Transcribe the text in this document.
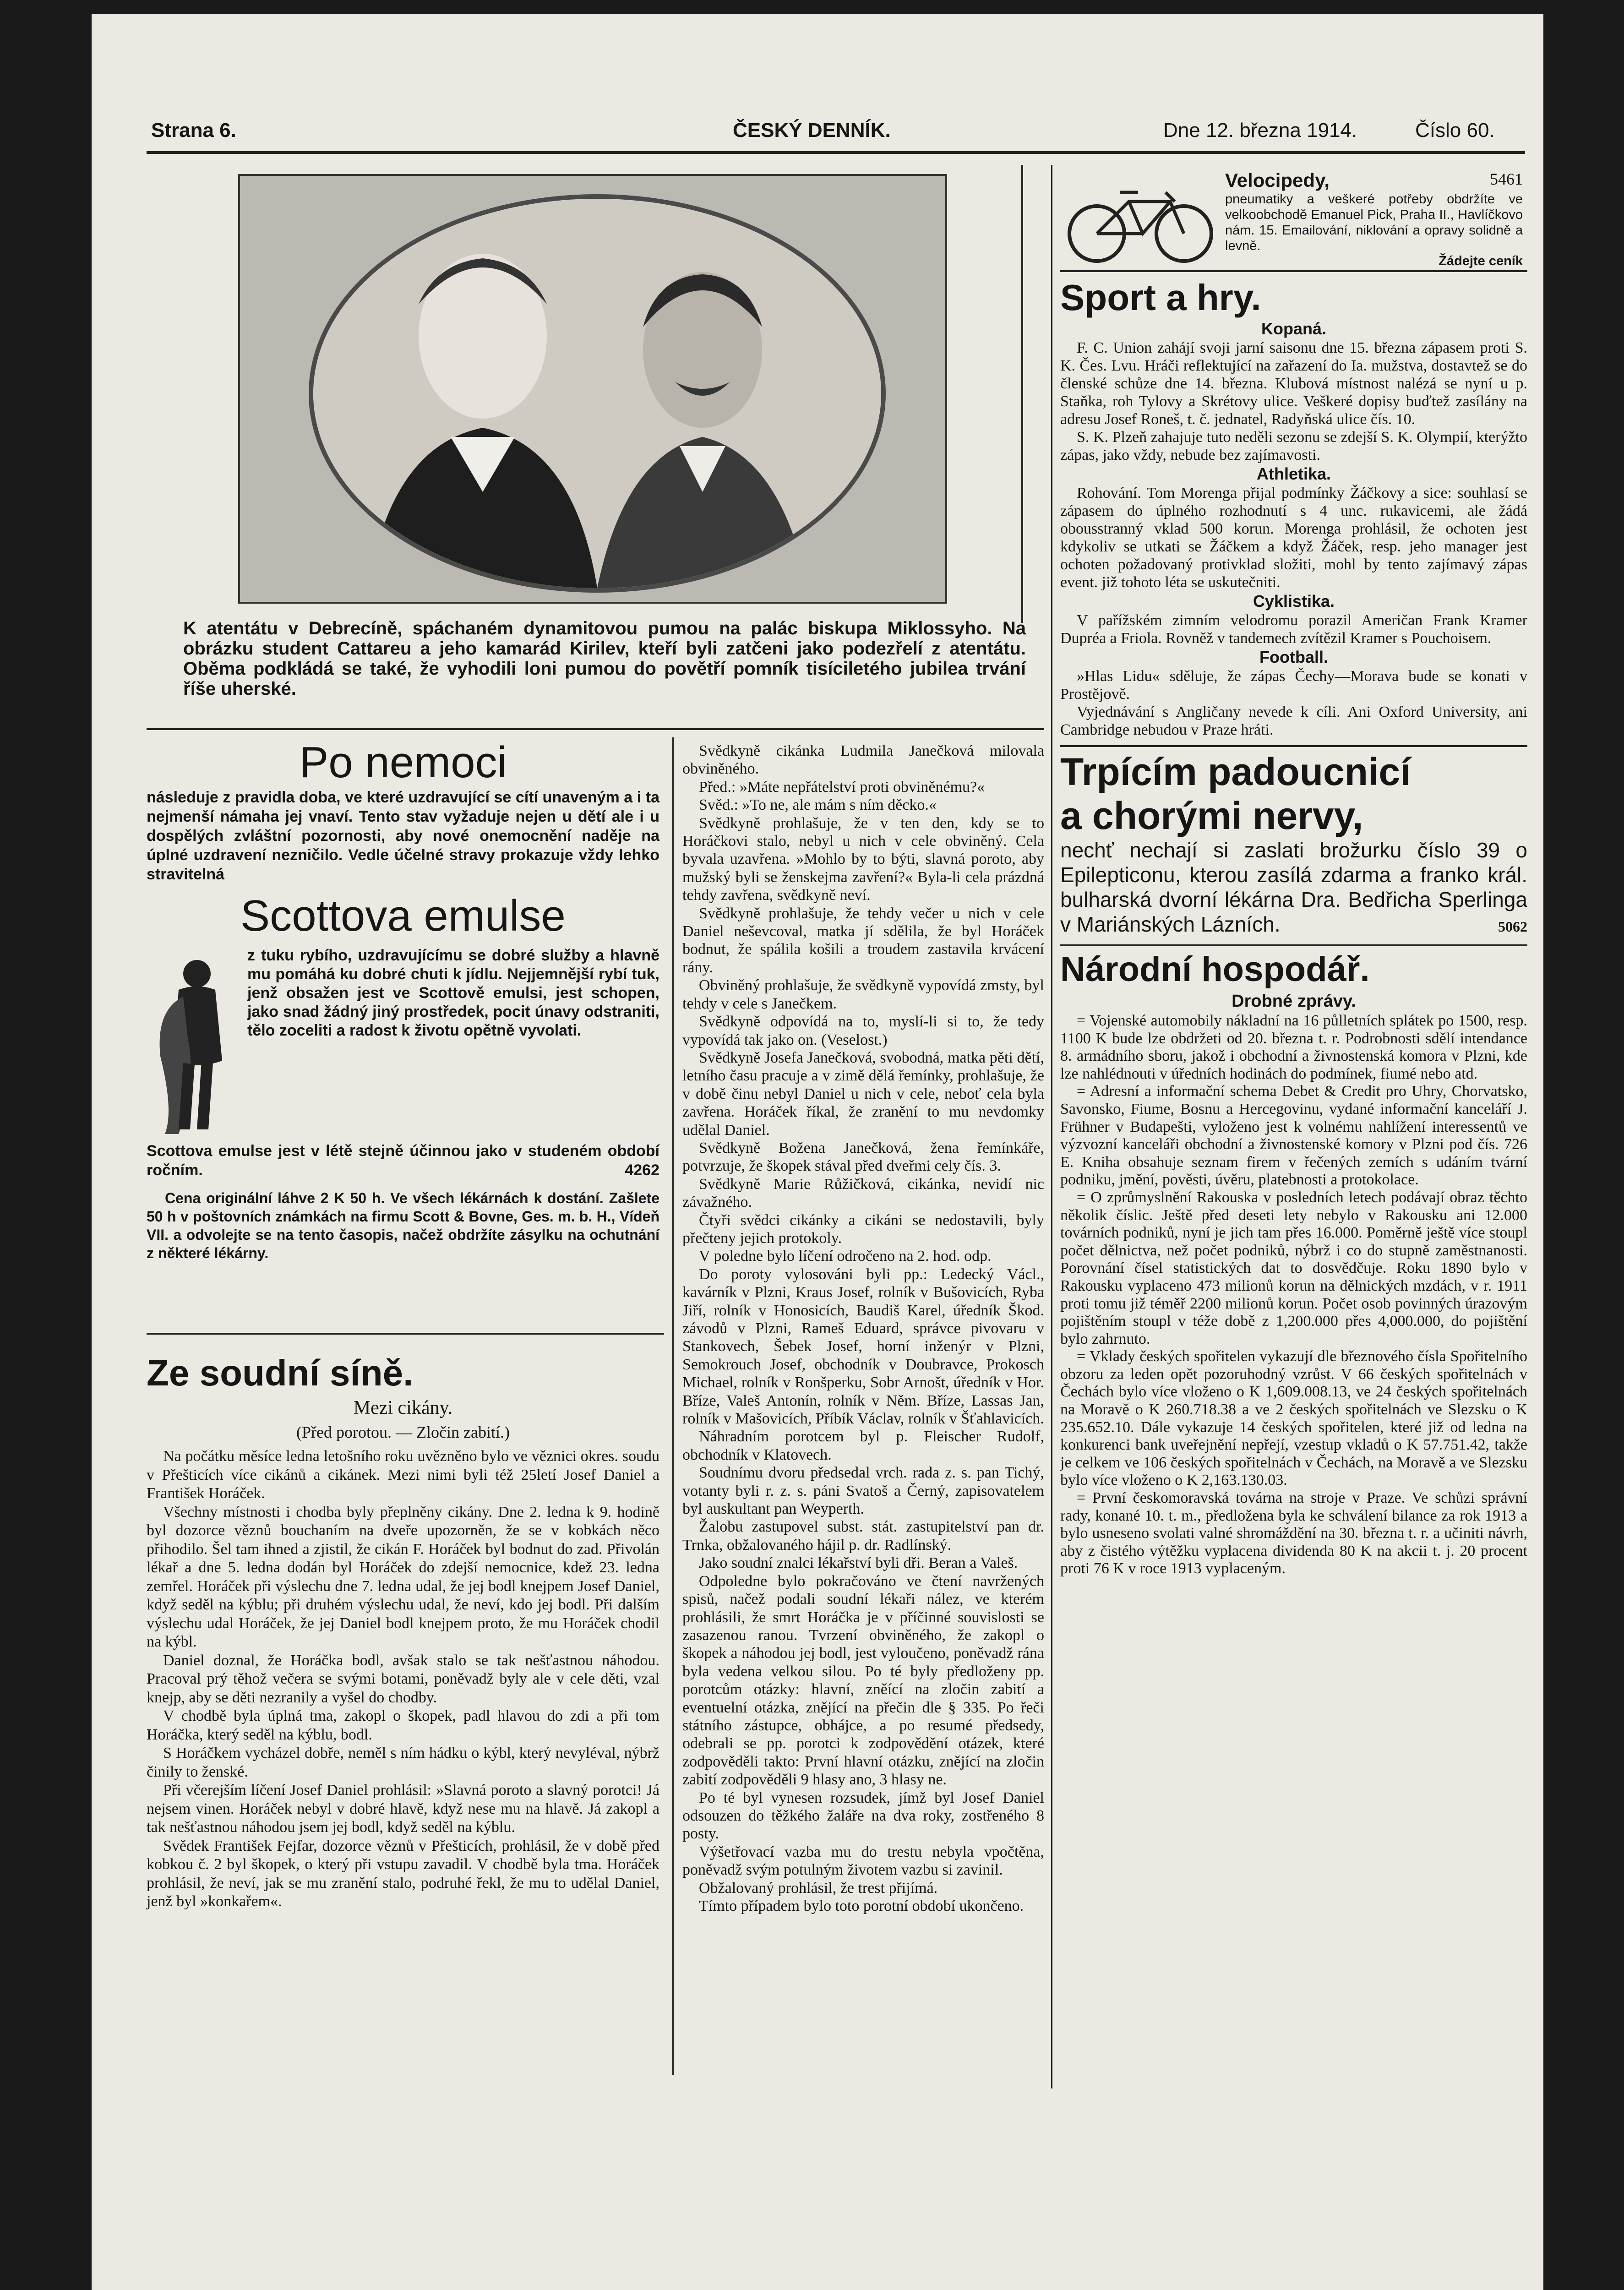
Strana 6.	ČESKÝ DENNÍK.	Dne 12. března 1914.	Číslo 60.
K atentátu v Debrecíně, spáchaném dynamitovou pumou na palác biskupa Miklossyho. Na obrázku student Cattareu a jeho kamarád Kirilev, kteří byli zatčeni jako podezřelí z atentátu. Oběma podkládá se také, že vyhodili loni pumou do povětří pomník tisíciletého jubilea trvání říše uherské.
Po nemoci
následuje z pravidla doba, ve které uzdravující se cítí unaveným a i ta nejmenší námaha jej vnaví. Tento stav vyžaduje nejen u dětí ale i u dospělých zvláštní pozornosti, aby nové onemocnění naděje na úplné uzdravení nezničilo. Vedle účelné stravy prokazuje vždy lehko stravitelná
Scottova emulse
z tuku rybího, uzdravujícímu se dobré služby a hlavně mu pomáhá ku dobré chuti k jídlu. Nejjemnější rybí tuk, jenž obsažen jest ve Scottově emulsi, jest schopen, jako snad žádný jiný prostředek, pocit únavy odstraniti, tělo zoceliti a radost k životu opětně vyvolati.
Scottova emulse jest v létě stejně účinnou jako v studeném období ročním.	4262
Cena originální láhve 2 K 50 h. Ve všech lékárnách k dostání. Zašlete 50 h v poštovních známkách na firmu Scott & Bovne, Ges. m. b. H., Vídeň VII. a odvolejte se na tento časopis, načež obdržíte zásylku na ochutnání z některé lékárny.
Ze soudní síně.
Mezi cikány.
(Před porotou. — Zločin zabití.)

Na počátku měsíce ledna letošního roku uvězněno bylo ve věznici okres. soudu v Přešticích více cikánů a cikánek. Mezi nimi byli též 25letí Josef Daniel a František Horáček.

Všechny místnosti i chodba byly přeplněny cikány. Dne 2. ledna k 9. hodině byl dozorce věznů bouchaním na dveře upozorněn, že se v kobkách něco přihodilo. Šel tam ihned a zjistil, že cikán F. Horáček byl bodnut do zad. Přivolán lékař a dne 5. ledna dodán byl Horáček do zdejší nemocnice, kdež 23. ledna zemřel. Horáček při výslechu dne 7. ledna udal, že jej bodl knejpem Josef Daniel, když seděl na kýblu; při druhém výslechu udal, že neví, kdo jej bodl. Při dalším výslechu udal Horáček, že jej Daniel bodl knejpem proto, že mu Horáček chodil na kýbl.

Daniel doznal, že Horáčka bodl, avšak stalo se tak nešťastnou náhodou. Pracoval prý těhož večera se svými botami, poněvadž byly ale v cele děti, vzal knejp, aby se děti nezranily a vyšel do chodby.

V chodbě byla úplná tma, zakopl o škopek, padl hlavou do zdi a při tom Horáčka, který seděl na kýblu, bodl.

S Horáčkem vycházel dobře, neměl s ním hádku o kýbl, který nevyléval, nýbrž činily to ženské.

Při včerejším líčení Josef Daniel prohlásil: »Slavná poroto a slavný porotci! Já nejsem vinen. Horáček nebyl v dobré hlavě, když nese mu na hlavě. Já zakopl a tak nešťastnou náhodou jsem jej bodl, když seděl na kýblu.

Svědek František Fejfar, dozorce věznů v Přešticích, prohlásil, že v době před kobkou č. 2 byl škopek, o který při vstupu zavadil. V chodbě byla tma. Horáček prohlásil, že neví, jak se mu zranění stalo, podruhé řekl, že mu to udělal Daniel, jenž byl »konkařem«.

Svědkyně cikánka Ludmila Janečková milovala obviněného.

Před.: »Máte nepřátelství proti obviněnému?«

Svěd.: »To ne, ale mám s ním děcko.«

Svědkyně prohlašuje, že v ten den, kdy se to Horáčkovi stalo, nebyl u nich v cele obviněný. Cela byvala uzavřena. »Mohlo by to býti, slavná poroto, aby mužský byli se ženskejma zavření?« Byla-li cela prázdná tehdy zavřena, svědkyně neví.

Svědkyně prohlašuje, že tehdy večer u nich v cele Daniel neševcoval, matka jí sdělila, že byl Horáček bodnut, že spálila košili a troudem zastavila krvácení rány.

Obviněný prohlašuje, že svědkyně vypovídá zmsty, byl tehdy v cele s Janečkem.

Svědkyně odpovídá na to, myslí-li si to, že tedy vypovídá tak jako on. (Veselost.)

Svědkyně Josefa Janečková, svobodná, matka pěti dětí, letního času pracuje a v zimě dělá řemínky, prohlašuje, že v době činu nebyl Daniel u nich v cele, neboť cela byla zavřena. Horáček říkal, že zranění to mu nevdomky udělal Daniel.

Svědkyně Božena Janečková, žena řemínkáře, potvrzuje, že škopek stával před dveřmi cely čís. 3.

Svědkyně Marie Růžičková, cikánka, nevidí nic závažného.

Čtyři svědci cikánky a cikáni se nedostavili, byly přečteny jejich protokoly.

V poledne bylo líčení odročeno na 2. hod. odp.

Do poroty vylosováni byli pp.: Ledecký Václ., kavárník v Plzni, Kraus Josef, rolník v Bušovicích, Ryba Jiří, rolník v Honosicích, Baudiš Karel, úředník Škod. závodů v Plzni, Rameš Eduard, správce pivovaru v Stankovech, Šebek Josef, horní inženýr v Plzni, Semokrouch Josef, obchodník v Doubravce, Prokosch Michael, rolník v Ronšperku, Sobr Arnošt, úředník v Hor. Bříze, Valeš Antonín, rolník v Něm. Bříze, Lassas Jan, rolník v Mašovicích, Příbík Václav, rolník v Šťahlavicích.

Náhradním porotcem byl p. Fleischer Rudolf, obchodník v Klatovech.

Soudnímu dvoru předsedal vrch. rada z. s. pan Tichý, votanty byli r. z. s. páni Svatoš a Černý, zapisovatelem byl auskultant pan Weyperth.

Žalobu zastupovel subst. stát. zastupitelství pan dr. Trnka, obžalovaného hájil p. dr. Radlínský.

Jako soudní znalci lékařství byli dři. Beran a Valeš.

Odpoledne bylo pokračováno ve čtení navržených spisů, načež podali soudní lékaři nález, ve kterém prohlásili, že smrt Horáčka je v příčinné souvislosti se zasazenou ranou. Tvrzení obviněného, že zakopl o škopek a náhodou jej bodl, jest vyloučeno, poněvadž rána byla vedena velkou silou. Po té byly předloženy pp. porotcům otázky: hlavní, zněící na zločin zabití a eventuelní otázka, znějící na přečin dle § 335. Po řeči státního zástupce, obhájce, a po resumé předsedy, odebrali se pp. porotci k zodpovědění otázek, které zodpověděli takto: První hlavní otázku, znějící na zločin zabití zodpověděli 9 hlasy ano, 3 hlasy ne.

Po té byl vynesen rozsudek, jímž byl Josef Daniel odsouzen do těžkého žaláře na dva roky, zostřeného 8 posty.

Výšetřovací vazba mu do trestu nebyla vpočtěna, poněvadž svým potulným životem vazbu si zavinil.

Obžalovaný prohlásil, že trest přijímá.

Tímto případem bylo toto porotní období ukončeno.

Velocipedy,	5461
pneumatiky a veškeré potřeby obdržíte ve velkoobchodě Emanuel Pick, Praha II., Havlíčkovo nám. 15. Emailování, niklování a opravy solidně a levně.
Žádejte ceník
Sport a hry.
Kopaná.

F. C. Union zahájí svoji jarní saisonu dne 15. března zápasem proti S. K. Čes. Lvu. Hráči reflektující na zařazení do Ia. mužstva, dostavtež se do členské schůze dne 14. března. Klubová místnost nalézá se nyní u p. Staňka, roh Tylovy a Skrétovy ulice. Veškeré dopisy buďtež zasílány na adresu Josef Roneš, t. č. jednatel, Radyňská ulice čís. 10.

S. K. Plzeň zahajuje tuto neděli sezonu se zdejší S. K. Olympií, kterýžto zápas, jako vždy, nebude bez zajímavosti.

Athletika.

Rohování. Tom Morenga přijal podmínky Žáčkovy a sice: souhlasí se zápasem do úplného rozhodnutí s 4 unc. rukavicemi, ale žádá obousstranný vklad 500 korun. Morenga prohlásil, že ochoten jest kdykoliv se utkati se Žáčkem a když Žáček, resp. jeho manager jest ochoten požadovaný protivklad složiti, mohl by tento zajímavý zápas event. již tohoto léta se uskutečniti.

Cyklistika.

V pařížském zimním velodromu porazil Američan Frank Kramer Dupréa a Friola. Rovněž v tandemech zvítězil Kramer s Pouchoisem.

Football.

»Hlas Lidu« sděluje, že zápas Čechy—Morava bude se konati v Prostějově.

Vyjednávání s Angličany nevede k cíli. Ani Oxford University, ani Cambridge nebudou v Praze hráti.

Trpícím padoucnicí
a chorými nervy,
nechť nechají si zaslati brožurku číslo 39 o Epilepticonu, kterou zasílá zdarma a franko král. bulharská dvorní lékárna Dra. Bedřicha Sperlinga v Mariánských Lázních.	5062
Národní hospodář.
Drobné zprávy.

= Vojenské automobily nákladní na 16 půlletních splátek po 1500, resp. 1100 K bude lze obdržeti od 20. března t. r. Podrobnosti sdělí intendance 8. armádního sboru, jakož i obchodní a živnostenská komora v Plzni, kde lze nahlédnouti v úředních hodinách do podmínek, fiumé nebo atd.

= Adresní a informační schema Debet & Credit pro Uhry, Chorvatsko, Savonsko, Fiume, Bosnu a Hercegovinu, vydané informační kanceláří J. Frühner v Budapešti, vyloženo jest k volnému nahlížení interessentů ve výzvozní kanceláři obchodní a živnostenské komory v Plzni pod čís. 726 E. Kniha obsahuje seznam firem v řečených zemích s udáním tvární podniku, jmění, pověsti, úvěru, platebnosti a protokolace.

= O zprůmyslnění Rakouska v posledních letech podávají obraz těchto několik číslic. Ještě před deseti lety nebylo v Rakousku ani 12.000 továrních podniků, nyní je jich tam přes 16.000. Poměrně ještě více stoupl počet dělnictva, než počet podniků, nýbrž i co do stupně zaměstnanosti. Porovnání čísel statistických dat to dosvědčuje. Roku 1890 bylo v Rakousku vyplaceno 473 milionů korun na dělnických mzdách, v r. 1911 proti tomu již téměř 2200 milionů korun. Počet osob povinných úrazovým pojištěním stoupl v téže době z 1,200.000 přes 4,000.000, do pojištění bylo zahrnuto.

= Vklady českých spořitelen vykazují dle březnového čísla Spořitelního obzoru za leden opět pozoruhodný vzrůst. V 66 českých spořitelnách v Čechách bylo více vloženo o K 1,609.008.13, ve 24 českých spořitelnách na Moravě o K 260.718.38 a ve 2 českých spořitelnách ve Slezsku o K 235.652.10. Dále vykazuje 14 českých spořitelen, které již od ledna na konkurenci bank uveřejnění nepřejí, vzestup vkladů o K 57.751.42, takže je celkem ve 106 českých spořitelnách v Čechách, na Moravě a ve Slezsku bylo více vloženo o K 2,163.130.03.

= První českomoravská továrna na stroje v Praze. Ve schůzi správní rady, konané 10. t. m., předložena byla ke schválení bilance za rok 1913 a bylo usneseno svolati valné shromáždění na 30. března t. r. a učiniti návrh, aby z čistého výtěžku vyplacena dividenda 80 K na akcii t. j. 20 procent proti 76 K v roce 1913 vyplaceným.
